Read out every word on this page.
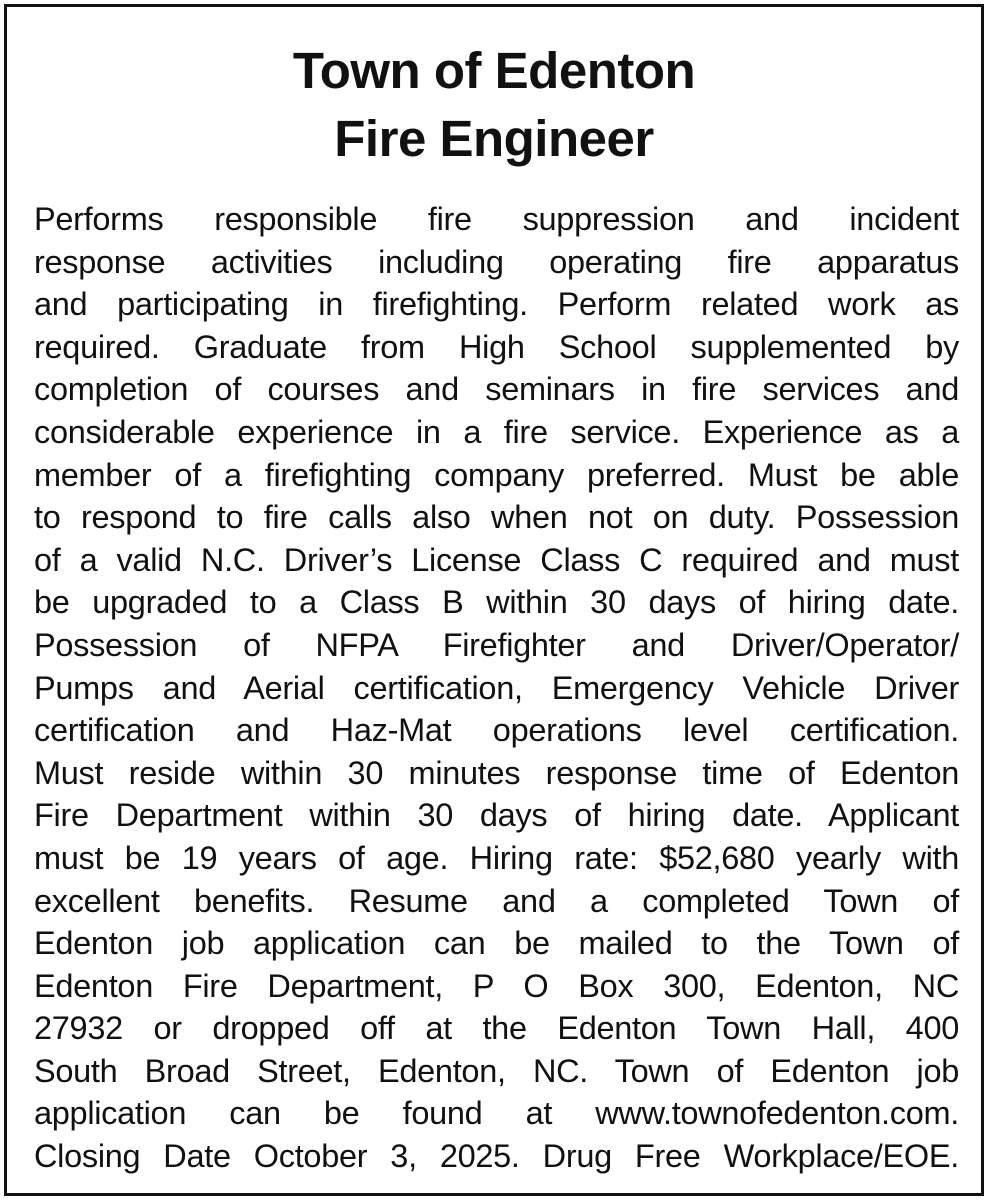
Town of Edenton
Fire Engineer
Performs responsible fire suppression and incident
response activities including operating fire apparatus
and participating in firefighting. Perform related work as
required. Graduate from High School supplemented by
completion of courses and seminars in fire services and
considerable experience in a fire service. Experience as a
member of a firefighting company preferred. Must be able
to respond to fire calls also when not on duty. Possession
of a valid N.C. Driver’s License Class C required and must
be upgraded to a Class B within 30 days of hiring date.
Possession of NFPA Firefighter and Driver/Operator/
Pumps and Aerial certification, Emergency Vehicle Driver
certification and Haz-Mat operations level certification.
Must reside within 30 minutes response time of Edenton
Fire Department within 30 days of hiring date. Applicant
must be 19 years of age. Hiring rate: $52,680 yearly with
excellent benefits. Resume and a completed Town of
Edenton job application can be mailed to the Town of
Edenton Fire Department, P O Box 300, Edenton, NC
27932 or dropped off at the Edenton Town Hall, 400
South Broad Street, Edenton, NC. Town of Edenton job
application can be found at www.townofedenton.com.
Closing Date October 3, 2025. Drug Free Workplace/EOE.
